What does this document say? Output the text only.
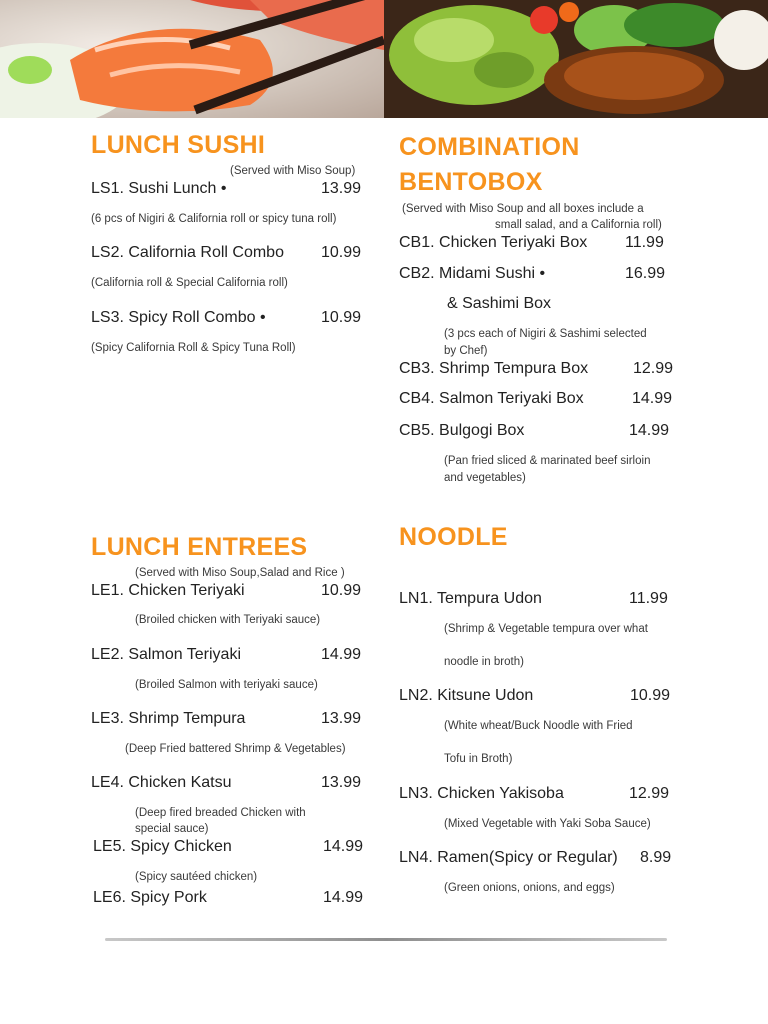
LUNCH SUSHI
(Served with Miso Soup)
LS1. Sushi Lunch •	13.99
(6 pcs of Nigiri & California roll or spicy tuna roll)
LS2. California Roll Combo 10.99
(California roll & Special California roll)
LS3. Spicy Roll Combo •	10.99
(Spicy California Roll & Spicy Tuna Roll)
COMBINATION
BENTOBOX
(Served with Miso Soup and all boxes include a
small salad, and a California roll)
CB1. Chicken Teriyaki Box 11.99
CB2. Midami Sushi •	16.99
& Sashimi Box
(3 pcs each of Nigiri & Sashimi selected
by Chef)
CB3. Shrimp Tempura Box	12.99
CB4. Salmon Teriyaki Box	14.99
CB5. Bulgogi Box	14.99
(Pan fried sliced & marinated beef sirloin
and vegetables)
LUNCH ENTREES
(Served with Miso Soup,Salad and Rice )
LE1. Chicken Teriyaki	10.99
(Broiled chicken with Teriyaki sauce)
LE2. Salmon Teriyaki	14.99
(Broiled Salmon with teriyaki sauce)
LE3. Shrimp Tempura	13.99
(Deep Fried battered Shrimp & Vegetables)
LE4. Chicken Katsu	13.99
(Deep fired breaded Chicken with
special sauce)
LE5. Spicy Chicken	14.99
(Spicy sautéed chicken)
LE6. Spicy Pork	14.99
NOODLE
LN1. Tempura Udon	11.99
(Shrimp & Vegetable tempura over what
noodle in broth)
LN2. Kitsune Udon	10.99
(White wheat/Buck Noodle with Fried
Tofu in Broth)
LN3. Chicken Yakisoba	12.99
(Mixed Vegetable with Yaki Soba Sauce)
LN4. Ramen(Spicy or Regular) 8.99
(Green onions, onions, and eggs)
